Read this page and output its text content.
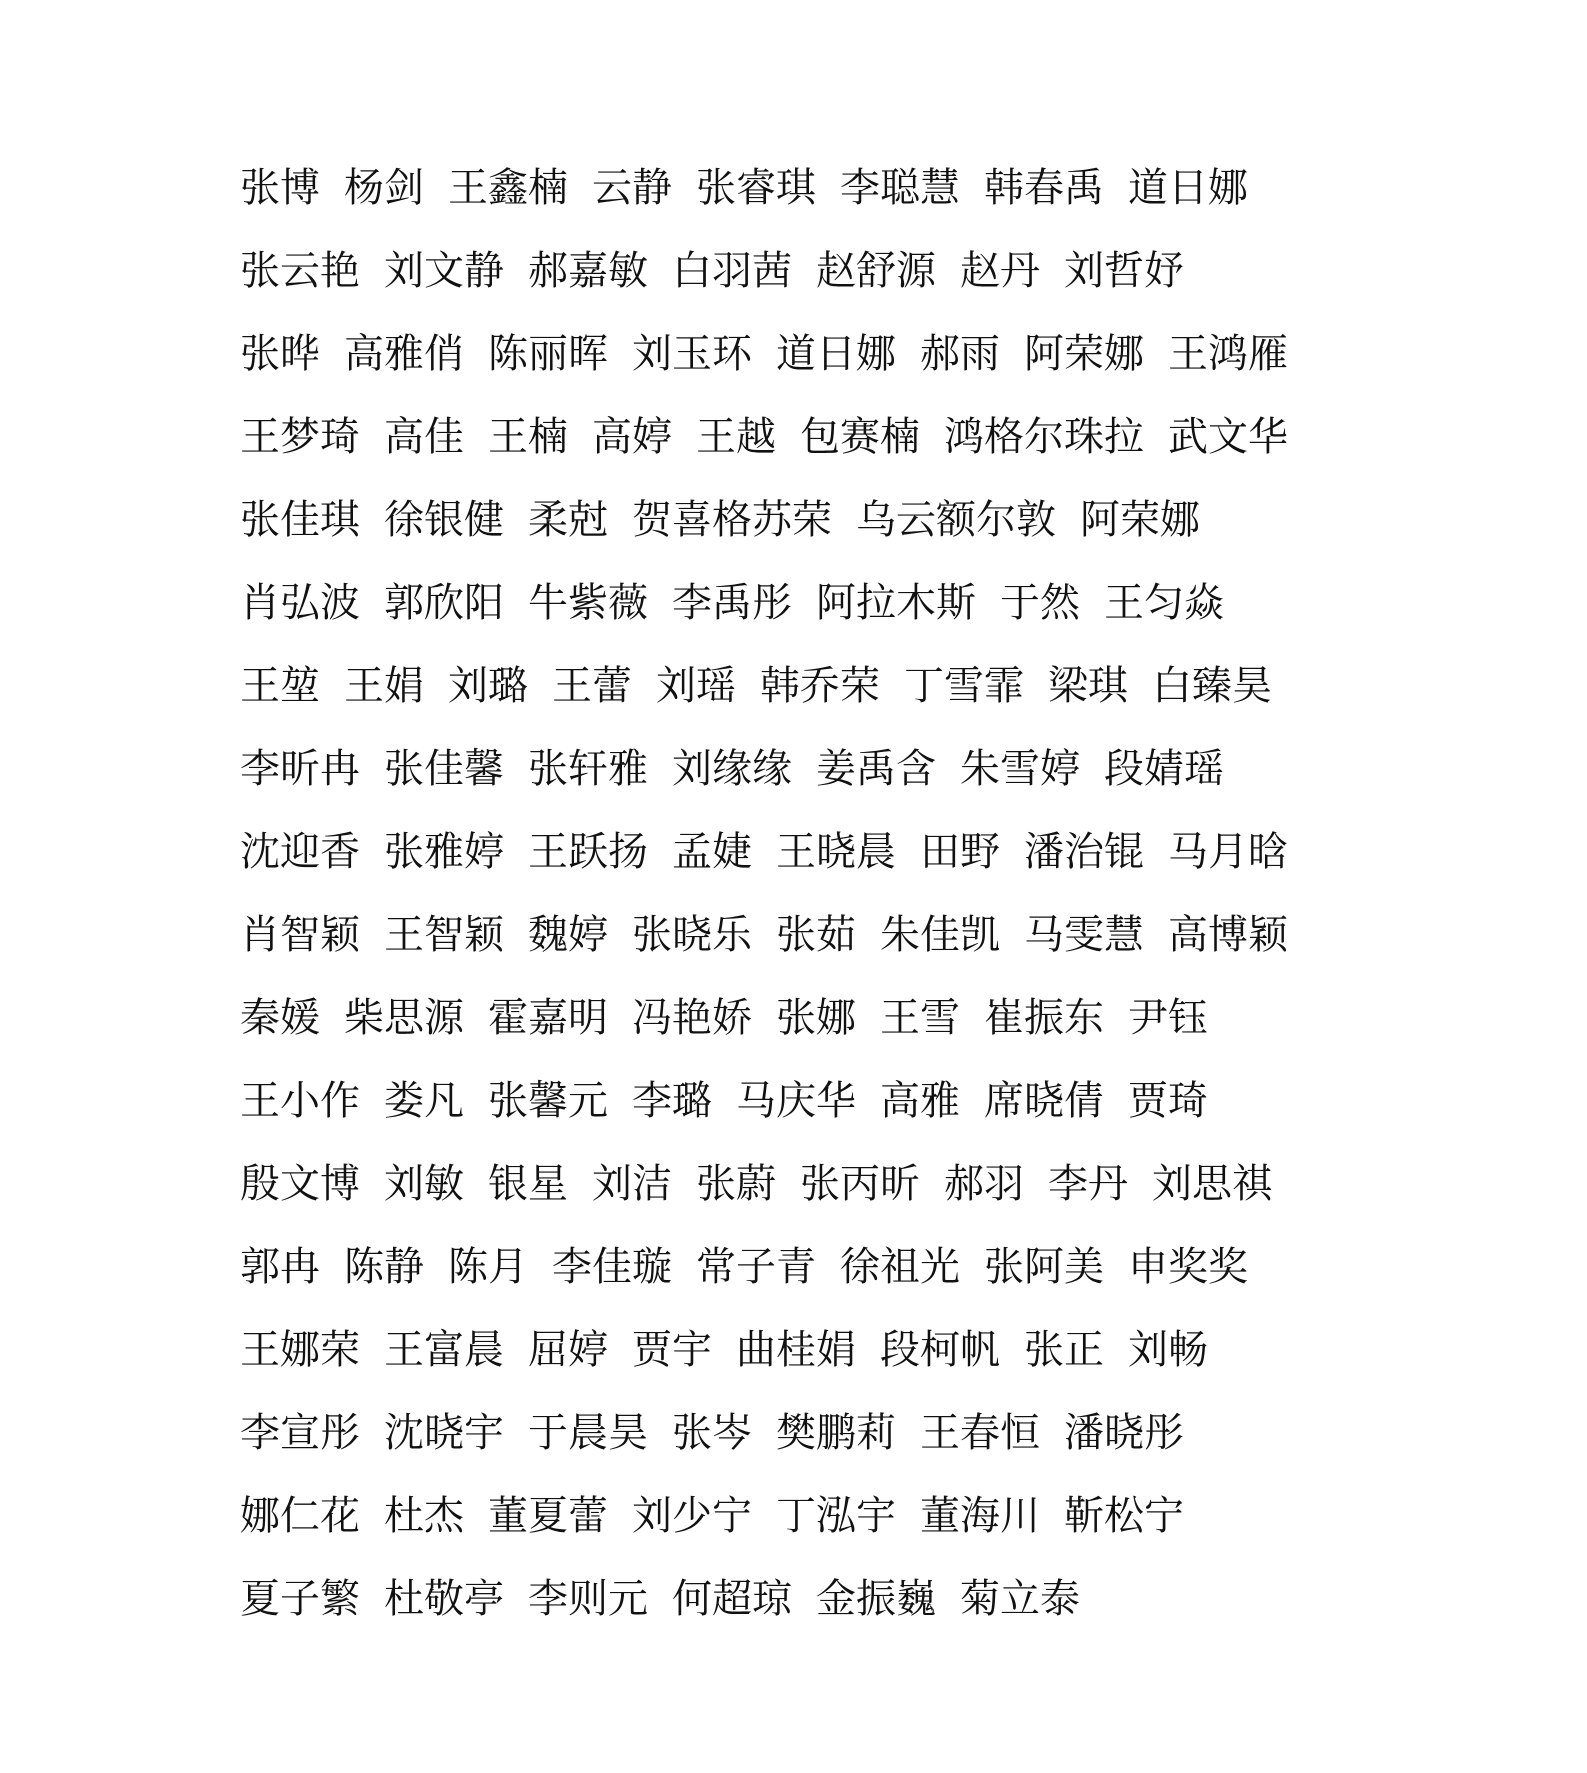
张博 杨剑 王鑫楠 云静 张睿琪 李聪慧 韩春禹 道日娜
张云艳 刘文静 郝嘉敏 白羽茜 赵舒源 赵丹 刘哲妤
张晔 高雅俏 陈丽晖 刘玉环 道日娜 郝雨 阿荣娜 王鸿雁
王梦琦 高佳 王楠 高婷 王越 包赛楠 鸿格尔珠拉 武文华
张佳琪 徐银健 柔尅 贺喜格苏荣 乌云额尔敦 阿荣娜
肖弘波 郭欣阳 牛紫薇 李禹彤 阿拉木斯 于然 王匀焱
王堃 王娟 刘璐 王蕾 刘瑶 韩乔荣 丁雪霏 梁琪 白臻昊
李昕冉 张佳馨 张轩雅 刘缘缘 姜禹含 朱雪婷 段婧瑶
沈迎香 张雅婷 王跃扬 孟婕 王晓晨 田野 潘治锟 马月晗
肖智颖 王智颖 魏婷 张晓乐 张茹 朱佳凯 马雯慧 高博颖
秦媛 柴思源 霍嘉明 冯艳娇 张娜 王雪 崔振东 尹钰
王小作 娄凡 张馨元 李璐 马庆华 高雅 席晓倩 贾琦
殷文博 刘敏 银星 刘洁 张蔚 张丙昕 郝羽 李丹 刘思祺
郭冉 陈静 陈月 李佳璇 常子青 徐祖光 张阿美 申奖奖
王娜荣 王富晨 屈婷 贾宇 曲桂娟 段柯帆 张正 刘畅
李宣彤 沈晓宇 于晨昊 张岑 樊鹏莉 王春恒 潘晓彤
娜仁花 杜杰 董夏蕾 刘少宁 丁泓宇 董海川 靳松宁
夏子繁 杜敬亭 李则元 何超琼 金振巍 菊立泰
